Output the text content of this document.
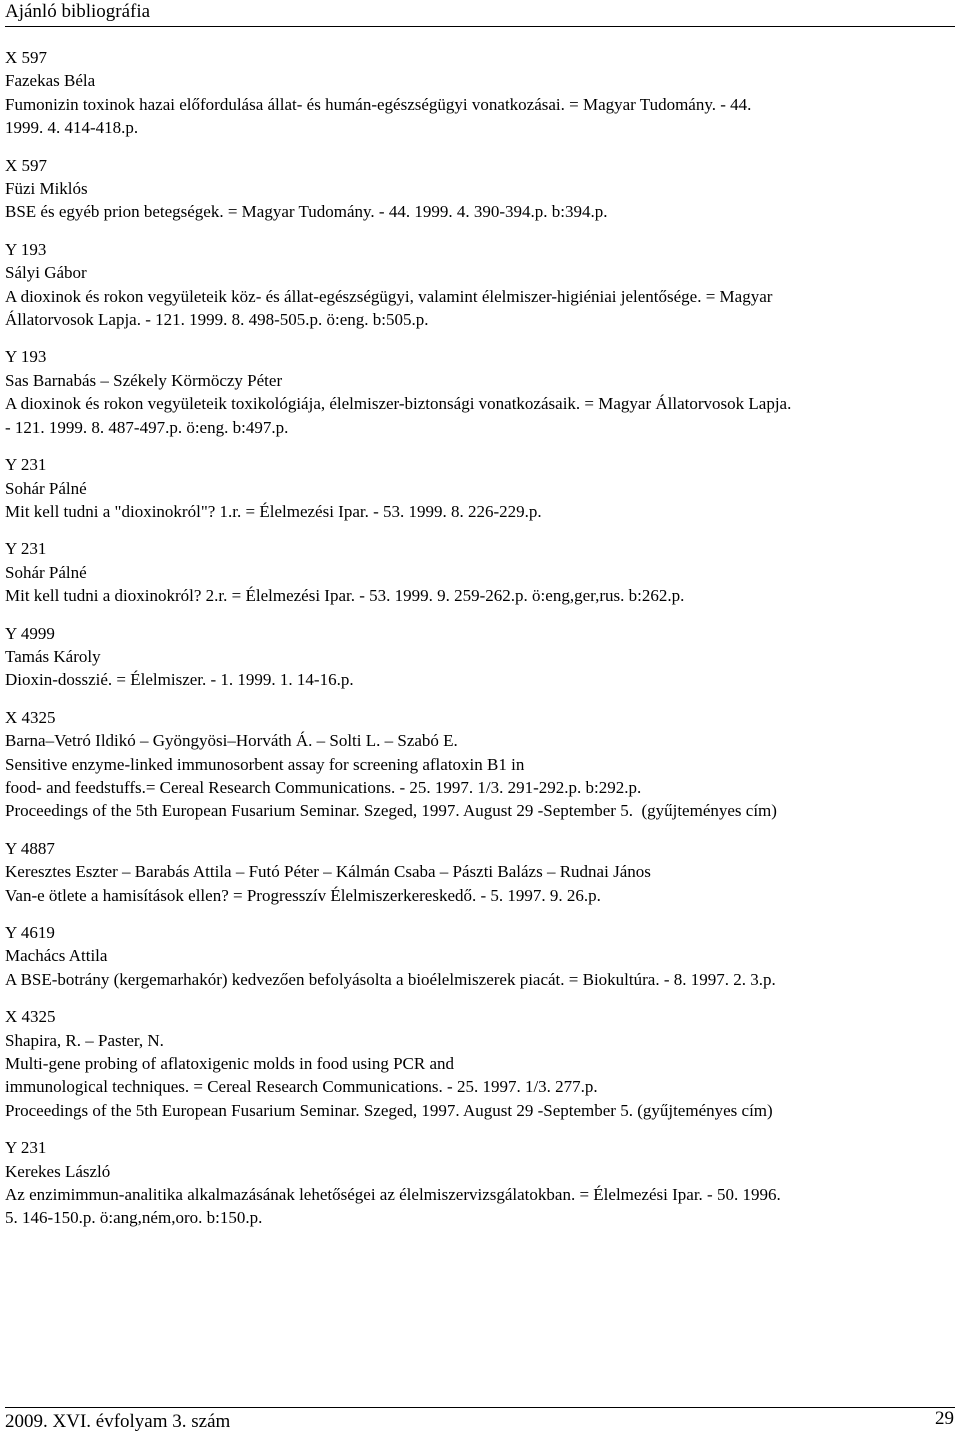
Ajánló bibliográfia
X 597
Fazekas Béla
Fumonizin toxinok hazai előfordulása állat- és humán-egészségügyi vonatkozásai. = Magyar Tudomány. - 44.
1999. 4. 414-418.p.
X 597
Füzi Miklós
BSE és egyéb prion betegségek. = Magyar Tudomány. - 44. 1999. 4. 390-394.p. b:394.p.
Y 193
Sályi Gábor
A dioxinok és rokon vegyületeik köz- és állat-egészségügyi, valamint élelmiszer-higiéniai jelentősége. = Magyar
Állatorvosok Lapja. - 121. 1999. 8. 498-505.p. ö:eng. b:505.p.
Y 193
Sas Barnabás – Székely Körmöczy Péter
A dioxinok és rokon vegyületeik toxikológiája, élelmiszer-biztonsági vonatkozásaik. = Magyar Állatorvosok Lapja.
- 121. 1999. 8. 487-497.p. ö:eng. b:497.p.
Y 231
Sohár Pálné
Mit kell tudni a "dioxinokról"? 1.r. = Élelmezési Ipar. - 53. 1999. 8. 226-229.p.
Y 231
Sohár Pálné
Mit kell tudni a dioxinokról? 2.r. = Élelmezési Ipar. - 53. 1999. 9. 259-262.p. ö:eng,ger,rus. b:262.p.
Y 4999
Tamás Károly
Dioxin-dosszié. = Élelmiszer. - 1. 1999. 1. 14-16.p.
X 4325
Barna–Vetró Ildikó – Gyöngyösi–Horváth Á. – Solti L. – Szabó E.
Sensitive enzyme-linked immunosorbent assay for screening aflatoxin B1 in
food- and feedstuffs.= Cereal Research Communications. - 25. 1997. 1/3. 291-292.p. b:292.p.
Proceedings of the 5th European Fusarium Seminar. Szeged, 1997. August 29 -September 5.  (gyűjteményes cím)
Y 4887
Keresztes Eszter – Barabás Attila – Futó Péter – Kálmán Csaba – Pászti Balázs – Rudnai János
Van-e ötlete a hamisítások ellen? = Progresszív Élelmiszerkereskedő. - 5. 1997. 9. 26.p.
Y 4619
Machács Attila
A BSE-botrány (kergemarhakór) kedvezően befolyásolta a bioélelmiszerek piacát. = Biokultúra. - 8. 1997. 2. 3.p.
X 4325
Shapira, R. – Paster, N.
Multi-gene probing of aflatoxigenic molds in food using PCR and
immunological techniques. = Cereal Research Communications. - 25. 1997. 1/3. 277.p.
Proceedings of the 5th European Fusarium Seminar. Szeged, 1997. August 29 -September 5. (gyűjteményes cím)
Y 231
Kerekes László
Az enzimimmun-analitika alkalmazásának lehetőségei az élelmiszervizsgálatokban. = Élelmezési Ipar. - 50. 1996.
5. 146-150.p. ö:ang,ném,oro. b:150.p.
2009. XVI. évfolyam 3. szám	29
